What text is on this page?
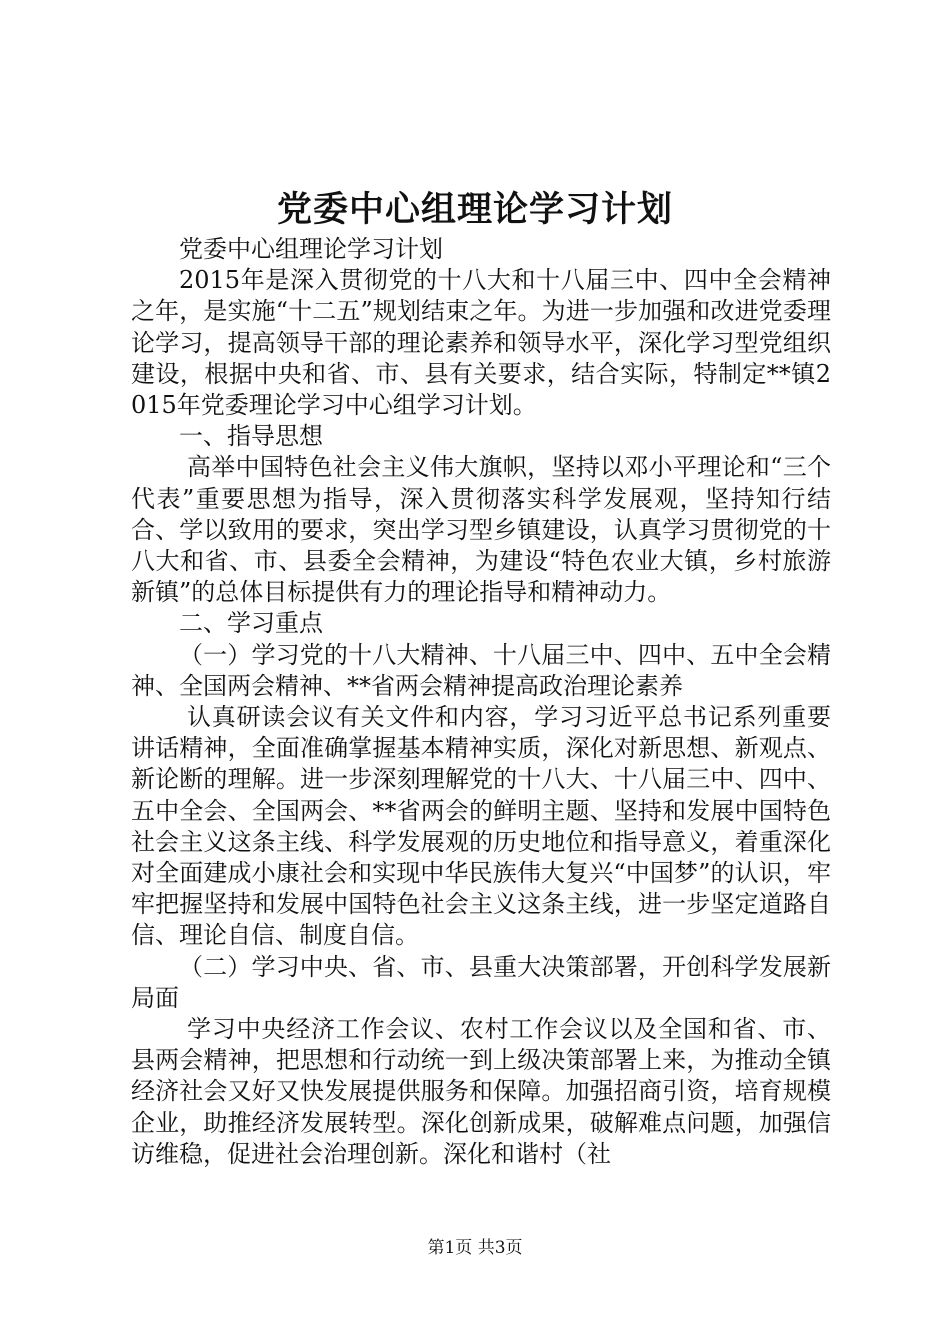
党委中心组理论学习计划

党委中心组理论学习计划

2015年是深入贯彻党的十八大和十八届三中、四中全会精神之年，是实施“十二五”规划结束之年。为进一步加强和改进党委理论学习，提高领导干部的理论素养和领导水平，深化学习型党组织建设，根据中央和省、市、县有关要求，结合实际，特制定**镇2015年党委理论学习中心组学习计划。

一、指导思想

高举中国特色社会主义伟大旗帜，坚持以邓小平理论和“三个代表”重要思想为指导，深入贯彻落实科学发展观，坚持知行结合、学以致用的要求，突出学习型乡镇建设，认真学习贯彻党的十八大和省、市、县委全会精神，为建设“特色农业大镇，乡村旅游新镇”的总体目标提供有力的理论指导和精神动力。

二、学习重点

（一）学习党的十八大精神、十八届三中、四中、五中全会精神、全国两会精神、**省两会精神提高政治理论素养

认真研读会议有关文件和内容，学习习近平总书记系列重要讲话精神，全面准确掌握基本精神实质，深化对新思想、新观点、新论断的理解。进一步深刻理解党的十八大、十八届三中、四中、五中全会、全国两会、**省两会的鲜明主题、坚持和发展中国特色社会主义这条主线、科学发展观的历史地位和指导意义，着重深化对全面建成小康社会和实现中华民族伟大复兴“中国梦”的认识，牢牢把握坚持和发展中国特色社会主义这条主线，进一步坚定道路自信、理论自信、制度自信。

（二）学习中央、省、市、县重大决策部署，开创科学发展新局面

学习中央经济工作会议、农村工作会议以及全国和省、市、县两会精神，把思想和行动统一到上级决策部署上来，为推动全镇经济社会又好又快发展提供服务和保障。加强招商引资，培育规模企业，助推经济发展转型。深化创新成果，破解难点问题，加强信访维稳，促进社会治理创新。深化和谐村（社

第1页 共3页
